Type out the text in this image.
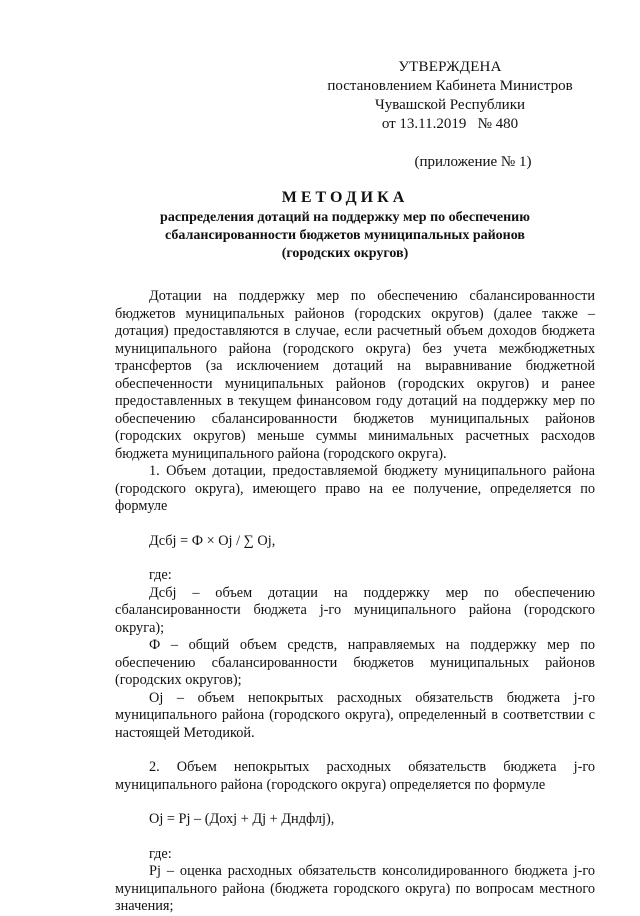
УТВЕРЖДЕНА
постановлением Кабинета Министров
Чувашской Республики
от 13.11.2019   № 480
(приложение № 1)
МЕТОДИКА
распределения дотаций на поддержку мер по обеспечению
сбалансированности бюджетов муниципальных районов
(городских округов)

Дотации на поддержку мер по обеспечению сбалансированности бюджетов муниципальных районов (городских округов) (далее также – дотация) предоставляются в случае, если расчетный объем доходов бюджета муниципального района (городского округа) без учета межбюджетных трансфертов (за исключением дотаций на выравнивание бюджетной обеспеченности муниципальных районов (городских округов) и ранее предоставленных в текущем финансовом году дотаций на поддержку мер по обеспечению сбалансированности бюджетов муниципальных районов (городских округов) меньше суммы минимальных расчетных расходов бюджета муниципального района (городского округа).

1. Объем дотации, предоставляемой бюджету муниципального района (городского округа), имеющего право на ее получение, определяется по формуле

Дсбj = Ф × Oj / ∑ Oj,

где:

Дсбj – объем дотации на поддержку мер по обеспечению сбалансированности бюджета j-го муниципального района (городского округа);

Ф – общий объем средств, направляемых на поддержку мер по обеспечению сбалансированности бюджетов муниципальных районов (городских округов);

Oj – объем непокрытых расходных обязательств бюджета j-го муниципального района (городского округа), определенный в соответствии с настоящей Методикой.

2. Объем непокрытых расходных обязательств бюджета j-го муниципального района (городского округа) определяется по формуле

Oj = Pj – (Дохj + Дj + Дндфлj),

где:

Pj – оценка расходных обязательств консолидированного бюджета j-го муниципального района (бюджета городского округа) по вопросам местного значения;
